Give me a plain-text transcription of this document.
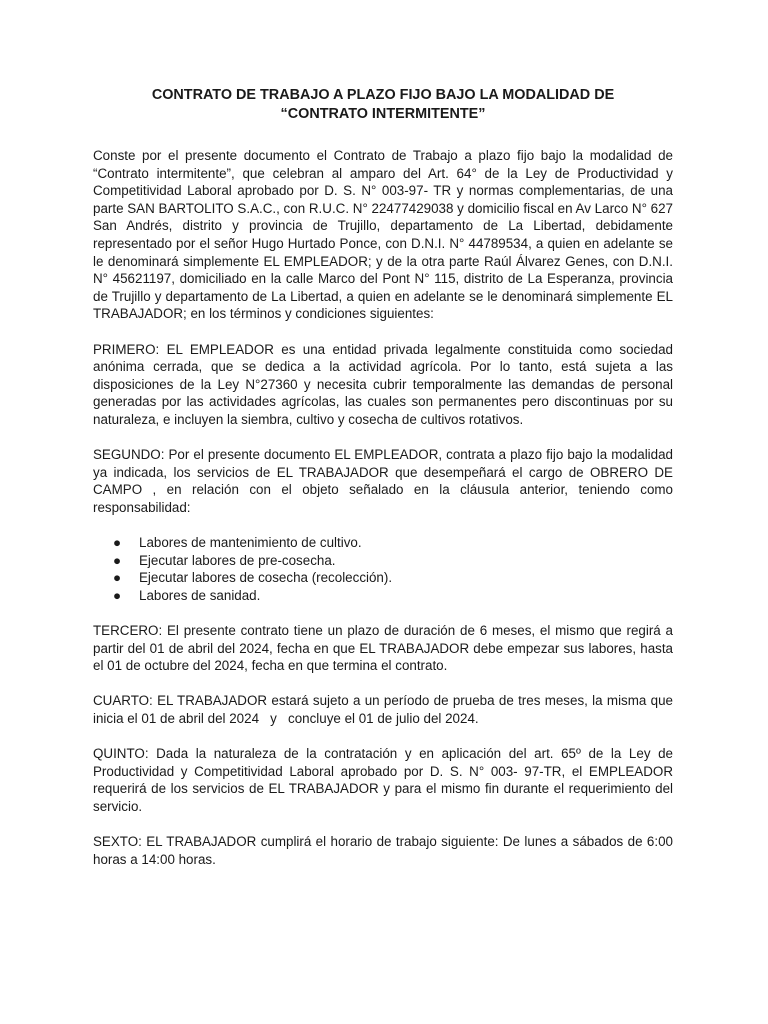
CONTRATO DE TRABAJO A PLAZO FIJO BAJO LA MODALIDAD DE
“CONTRATO INTERMITENTE”

Conste por el presente documento el Contrato de Trabajo a plazo fijo bajo la modalidad de “Contrato intermitente”, que celebran al amparo del Art. 64° de la Ley de Productividad y Competitividad Laboral aprobado por D. S. N° 003-97- TR y normas complementarias, de una parte SAN BARTOLITO S.A.C., con R.U.C. N° 22477429038 y domicilio fiscal en Av Larco N° 627 San Andrés, distrito y provincia de Trujillo, departamento de La Libertad, debidamente representado por el señor Hugo Hurtado Ponce, con D.N.I. N° 44789534, a quien en adelante se le denominará simplemente EL EMPLEADOR; y de la otra parte Raúl Álvarez Genes, con D.N.I. N° 45621197, domiciliado en la calle Marco del Pont N° 115, distrito de La Esperanza, provincia de Trujillo y departamento de La Libertad, a quien en adelante se le denominará simplemente EL TRABAJADOR; en los términos y condiciones siguientes:

PRIMERO: EL EMPLEADOR es una entidad privada legalmente constituida como sociedad anónima cerrada, que se dedica a la actividad agrícola. Por lo tanto, está sujeta a las disposiciones de la Ley N°27360 y necesita cubrir temporalmente las demandas de personal generadas por las actividades agrícolas, las cuales son permanentes pero discontinuas por su naturaleza, e incluyen la siembra, cultivo y cosecha de cultivos rotativos.

SEGUNDO: Por el presente documento EL EMPLEADOR, contrata a plazo fijo bajo la modalidad ya indicada, los servicios de EL TRABAJADOR que desempeñará el cargo de OBRERO DE CAMPO , en relación con el objeto señalado en la cláusula anterior, teniendo como responsabilidad:

● Labores de mantenimiento de cultivo.
● Ejecutar labores de pre-cosecha.
● Ejecutar labores de cosecha (recolección).
● Labores de sanidad.

TERCERO: El presente contrato tiene un plazo de duración de 6 meses, el mismo que regirá a partir del 01 de abril del 2024, fecha en que EL TRABAJADOR debe empezar sus labores, hasta el 01 de octubre del 2024, fecha en que termina el contrato.

CUARTO: EL TRABAJADOR estará sujeto a un período de prueba de tres meses, la misma que  inicia el 01 de abril del 2024   y   concluye el 01 de julio del 2024.

QUINTO: Dada la naturaleza de la contratación y en aplicación del art. 65º de la Ley de Productividad y Competitividad Laboral aprobado por D. S. N° 003- 97-TR, el EMPLEADOR requerirá de los servicios de EL TRABAJADOR y para el mismo fin durante el requerimiento del servicio.

SEXTO: EL TRABAJADOR cumplirá el horario de trabajo siguiente: De lunes a sábados de 6:00 horas a 14:00 horas.
